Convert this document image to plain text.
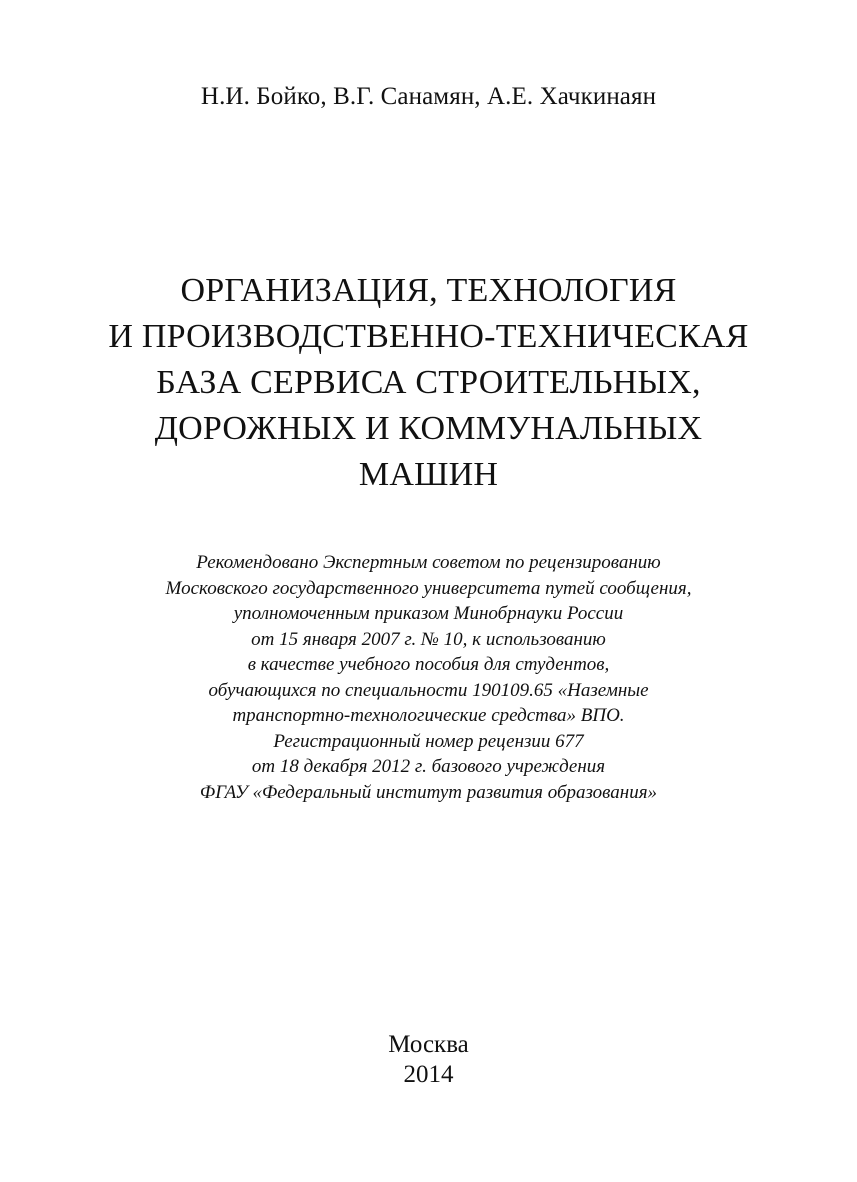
Н.И. Бойко, В.Г. Санамян, А.Е. Хачкинаян
ОРГАНИЗАЦИЯ, ТЕХНОЛОГИЯ
И ПРОИЗВОДСТВЕННО-ТЕХНИЧЕСКАЯ
БАЗА СЕРВИСА СТРОИТЕЛЬНЫХ,
ДОРОЖНЫХ И КОММУНАЛЬНЫХ
МАШИН
Рекомендовано Экспертным советом по рецензированию
Московского государственного университета путей сообщения,
уполномоченным приказом Минобрнауки России
от 15 января 2007 г. № 10, к использованию
в качестве учебного пособия для студентов,
обучающихся по специальности 190109.65 «Наземные
транспортно-технологические средства» ВПО.
Регистрационный номер рецензии 677
от 18 декабря 2012 г. базового учреждения
ФГАУ «Федеральный институт развития образования»
Москва
2014
